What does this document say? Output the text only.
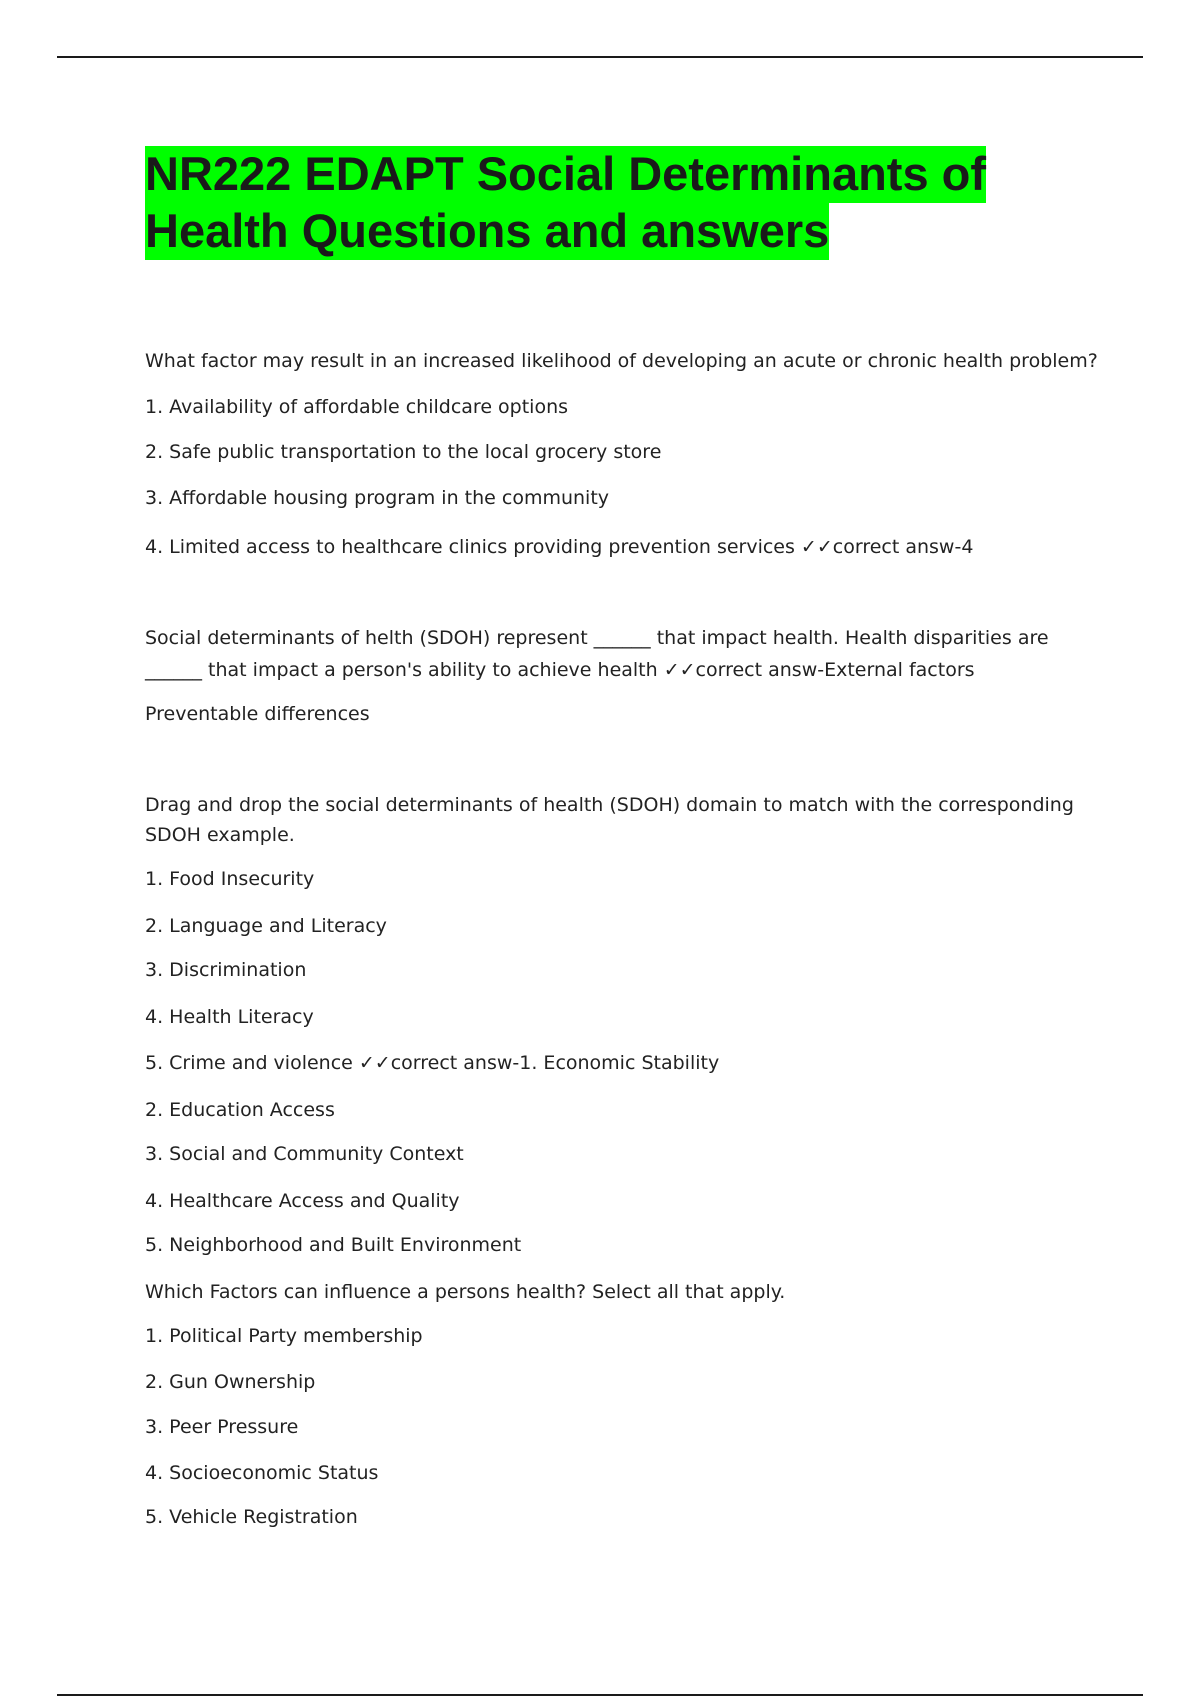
NR222 EDAPT Social Determinants of
Health Questions and answers

What factor may result in an increased likelihood of developing an acute or chronic health problem?

1. Availability of affordable childcare options

2. Safe public transportation to the local grocery store

3. Affordable housing program in the community

4. Limited access to healthcare clinics providing prevention services ✓✓correct answ-4

Social determinants of helth (SDOH) represent ______ that impact health. Health disparities are

______ that impact a person's ability to achieve health ✓✓correct answ-External factors

Preventable differences

Drag and drop the social determinants of health (SDOH) domain to match with the corresponding

SDOH example.

1. Food Insecurity

2. Language and Literacy

3. Discrimination

4. Health Literacy

5. Crime and violence ✓✓correct answ-1. Economic Stability

2. Education Access

3. Social and Community Context

4. Healthcare Access and Quality

5. Neighborhood and Built Environment

Which Factors can influence a persons health? Select all that apply.

1. Political Party membership

2. Gun Ownership

3. Peer Pressure

4. Socioeconomic Status

5. Vehicle Registration
